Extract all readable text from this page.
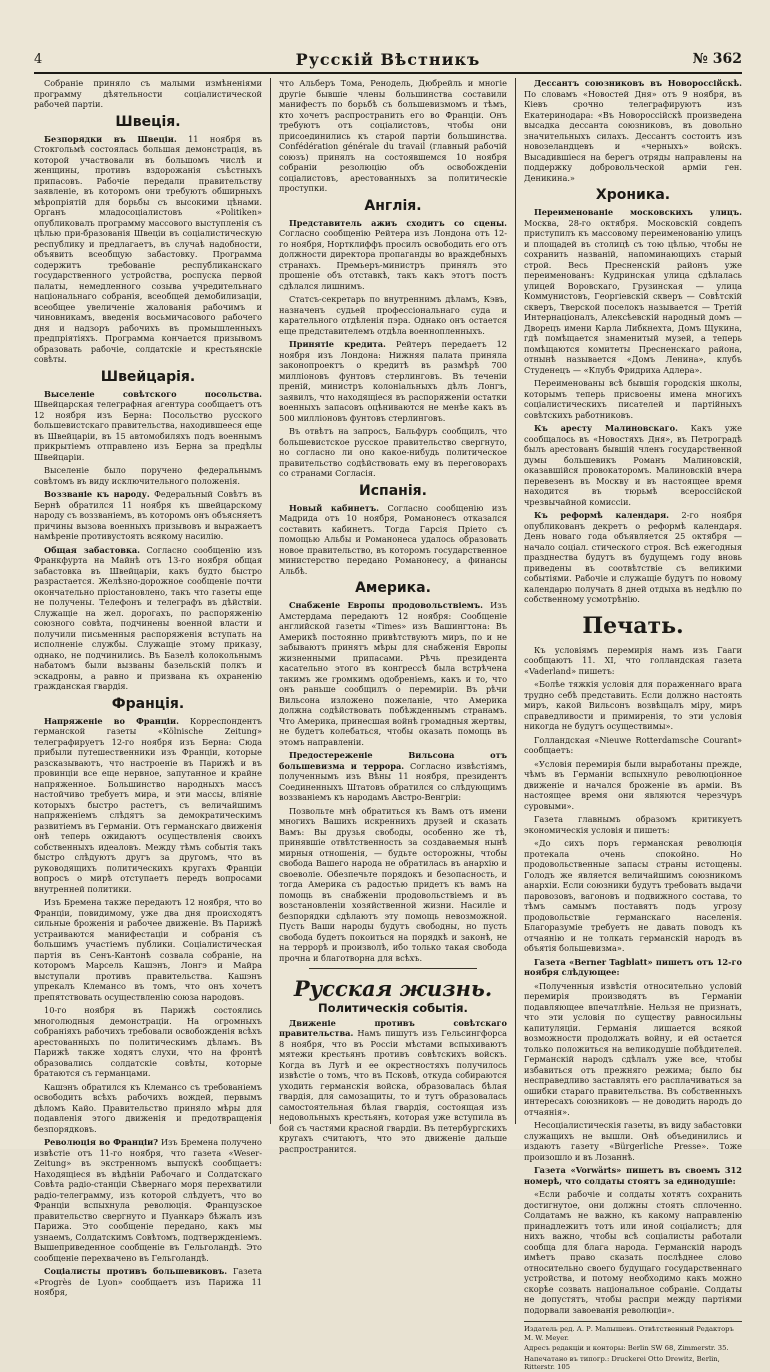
4	Русскій Вѣстникъ	№ 362

Собраніе приняло съ малыми измѣненіями программу дѣятельности соціалистической рабочей партіи.

Швеція.

Безпорядки въ Швеціи. 11 ноября въ Стокгольмѣ состоялась большая демонстрація, въ которой участвовали въ большомъ числѣ и женщины, противъ вздорожанія съѣстныхъ припасовъ. Рабочіе передали правительству заявленіе, въ которомъ они требуютъ обширныхъ мѣропріятій для борьбы съ высокими цѣнами. Органъ младосоціалистовъ «Politiken» опубликовалъ программу массового выступленія съ цѣлью при-бразованія Швеціи въ соціалистическую республику и предлагаетъ, въ случаѣ надобности, объявить всеобщую забастовку. Программа содержитъ требованіе республиканскаго государственного устройства, роспуска первой палаты, немедленного созыва учредительнаго національнаго собранія, всеобщей демобилизаціи, всеобщее увеличеніе жалованія рабочимъ и чиновникамъ, введенія восьмичасового рабочего дня и надзоръ рабочихъ въ промышленныхъ предпріятіяхъ. Программа кончается призывомъ образовать рабочіе, солдатскіе и крестьянскіе совѣты.

Швейцарія.

Выселеніе совѣтского посольства. Швейцарская телеграфная агентура сообщаетъ отъ 12 ноября изъ Берна: Посольство русского большевистскаго правительства, находившееся еще въ Швейцаріи, въ 15 автомобиляхъ подъ военнымъ прикрытіемъ отправлено изъ Берна за предѣлы Швейцаріи.

Выселеніе было поручено федеральнымъ совѣтомъ въ виду исключительного положенія.

Воззваніе къ народу. Федеральный Совѣтъ въ Бернѣ обратился 11 ноября къ швейцарскому народу съ воззваніемъ, въ которомъ онъ объясняетъ причины вызова военныхъ призывовъ и выражаетъ намѣреніе противустоять всякому насилію.

Общая забастовка. Согласно сообщенію изъ Франкфурта на Майнѣ отъ 13-го ноября общая забастовка въ Швейцаріи, какъ будто быстро разрастается. Желѣзно-дорожное сообщеніе почти окончательно пріостановлено, такъ что газеты еще не получены. Телефонъ и телеграфъ въ дѣйствіи. Служащіе на жел. дорогахъ, по распоряженію союзного совѣта, подчинены военной власти и получили письменныя распоряженія вступать на исполненіе службы. Служащіе этому приказу, однако, не подчинились. Въ Базелѣ колокольнымъ набатомъ были вызваны базельскій полкъ и эскадроны, а равно и призвана къ охраненію гражданская гвардія.

Франція.

Напряженіе во Франціи. Корреспондентъ германской газеты «Kölnische Zeitung» телеграфируетъ 12-го ноября изъ Берна: Сюда прибыли путешественники изъ Франціи, которые разсказываютъ, что настроеніе въ Парижѣ и въ провинціи все еще нервное, запутанное и крайне напряженное. Большинство народныхъ массъ настойчиво требуетъ мира, и эти массы, вліяніе которыхъ быстро растетъ, съ величайшимъ напряженіемъ слѣдятъ за демократическимъ развитіемъ въ Германіи. Отъ германскаго движенія онѣ теперь ожидаютъ осуществленія своихъ собственныхъ идеаловъ. Между тѣмъ событія такъ быстро слѣдуютъ другъ за другомъ, что въ руководящихъ политическихъ кругахъ Франціи вопросъ о мирѣ отступаетъ передъ вопросами внутренней политики.

Изъ Бремена также передаютъ 12 ноября, что во Франціи, повидимому, уже два дня происходятъ сильные броженія и рабочее движеніе. Въ Парижѣ устраиваются манифестаціи и собранія съ большимъ участіемъ публики. Соціалистическая партія въ Сенъ-Кантонѣ созвала собраніе, на которомъ Марсель Кашэнъ, Лонгэ и Майра выступали противъ правительства. Кашэнъ упрекалъ Клемансо въ томъ, что онъ хочетъ препятствовать осуществленію союза народовъ.

10-го ноября въ Парижѣ состоялись многолюдныя демонстраціи. На огромныхъ собраніяхъ рабочихъ требовали освобожденія всѣхъ арестованныхъ по политическимъ дѣламъ. Въ Парижѣ также ходятъ слухи, что на фронтѣ образовались солдатскіе совѣты, которые братаются съ германцами.

Кашэнъ обратился къ Клемансо съ требованіемъ освободить всѣхъ рабочихъ вождей, первымъ дѣломъ Кайо. Правительство приняло мѣры для подавленія этого движенія и предотвращенія безпорядковъ.

Революція во Франціи? Изъ Бремена получено извѣстіе отъ 11-го ноября, что газета «Weser-Zeitung» въ экстренномъ выпускѣ сообщаетъ: Находящіеся въ вѣдѣніи Рабочаго и Солдатскаго Совѣта радіо-станціи Сѣвернаго моря перехватили радіо-телеграмму, изъ которой слѣдуетъ, что во Франціи вспыхнула революція. Французское правительство свергнуто и Пуанкарэ бѣжалъ изъ Парижа. Это сообщеніе передано, какъ мы узнаемъ, Солдатскимъ Совѣтомъ, подтвержденіемъ. Вышеприведенное сообщеніе въ Гельголандѣ. Это сообщеніе перехвачено въ Гельголандѣ.

Соціалисты противъ большевиковъ. Газета «Progrès de Lyon» сообщаетъ изъ Парижа 11 ноября,

что Альберъ Тома, Ренодель, Дюбрейль и многіе другіе бывшіе члены большинства составили манифестъ по борьбѣ съ большевизмомъ и тѣмъ, кто хочетъ распространить его во Франціи. Онъ требуютъ отъ соціалистовъ, чтобы они присоединились къ старой партіи большинства. Confédération générale du travail (главный рабочій союзъ) принялъ на состоявшемся 10 ноября собраніи резолюцію объ освобожденіи соціалистовъ, арестованныхъ за политическіе проступки.

Англія.

Представитель ажиъ сходитъ со сцены. Согласно сообщенію Рейтера изъ Лондона отъ 12-го ноября, Нортклиффъ просилъ освободить его отъ должности директора пропаганды во враждебныхъ странахъ. Премьеръ-министръ принялъ это прошеніе объ отставкѣ, такъ какъ этотъ постъ сдѣлался лишнимъ.

Статсъ-секретарь по внутреннимъ дѣламъ, Кэвъ, назначенъ судьей профессіональнаго суда и карательного отдѣленія пэра. Однако онъ остается еще представителемъ отдѣла военнопленныхъ.

Принятіе кредита. Рейтеръ передаетъ 12 ноября изъ Лондона: Нижняя палата приняла законопроектъ о кредитѣ въ размѣрѣ 700 милліоновъ фунтовъ стерлинговъ. Въ теченіи преній, министръ колоніальныхъ дѣлъ Лонгъ, заявилъ, что находящіеся въ распоряженіи остатки военныхъ запасовъ оцѣниваются не менѣе какъ въ 500 милліоновъ фунтовъ стерлинговъ.

Въ отвѣтъ на запросъ, Бальфуръ сообщилъ, что большевистское русское правительство свергнуто, но согласно ли оно какое-нибудь политическое правительство содѣйствовать ему въ переговорахъ со странами Согласія.

Испанія.

Новый кабинетъ. Согласно сообщенію изъ Мадрида отъ 10 ноября, Романонесъ отказался составить кабинетъ. Тогда Гарсія Пріето съ помощью Альбы и Романонеса удалось образовать новое правительство, въ которомъ государственное министерство передано Романонесу, а финансы Альбѣ.

Америка.

Снабженіе Европы продовольствіемъ. Изъ Амстердама передаютъ 12 ноября: Сообщеніе английской газеты «Times» изъ Вашингтона: Въ Америкѣ постоянно привѣтствуютъ миръ, по и не забываютъ принятъ мѣры для снабженія Европы жизненными припасами. Рѣчь президента касательно этого въ конгрессѣ была встрѣчена такимъ же громкимъ одобреніемъ, какъ и то, что онъ раньше сообщилъ о перемиріи. Въ рѣчи Вильсона изложено пожеланіе, что Америка должна содѣйствовать побѣжденнымъ странамъ. Что Америка, принесшая войнѣ громадныя жертвы, не будетъ колебаться, чтобы оказать помощь въ этомъ направленіи.

Предостереженіе Вильсона отъ большевизма и террора. Согласно извѣстіямъ, полученнымъ изъ Вѣны 11 ноября, президентъ Соединенныхъ Штатовъ обратился со слѣдующимъ воззваніемъ къ народамъ Австро-Венгріи:

Позвольте мнѣ обратиться къ Вамъ отъ имени многихъ Вашихъ искреннихъ друзей и сказать Вамъ: Вы друзья свободы, особенно же тѣ, принявшіе отвѣтственность за создаваемыя нынѣ мирныя отношенія, — будьте осторожны, чтобы свобода Вашего народа не обратилась въ анархію и своеволіе. Обезпечьте порядокъ и безопасность, и тогда Америка съ радостью придетъ къ вамъ на помощь въ снабженіи продовольствіемъ и въ возстановленіи хозяйственной жизни. Насиліе и безпорядки сдѣлаютъ эту помощь невозможной. Пусть Ваши народы будутъ свободны, но пусть свобода будетъ покоиться на порядкѣ и законѣ, не на террорѣ и произволѣ, ибо только такая свобода прочна и благотворна для всѣхъ.

Русская жизнь.
Политическія событія.

Движеніе противъ совѣтскаго правительства. Намъ пишутъ изъ Гельсингфорса 8 ноября, что въ Россіи мѣстами вспыхиваютъ мятежи крестьянъ противъ совѣтскихъ войскъ. Когда въ Лугѣ и ее окрестностяхъ получилось извѣстіе о томъ, что въ Псковѣ, откуда собираются уходить германскія войска, образовалась бѣлая гвардія, для самозащиты, то и тутъ образовалась самостоятельная бѣлая гвардія, состоящая изъ недовольныхъ крестьянъ, которая уже вступила въ бой съ частями красной гвардіи. Въ петербургскихъ кругахъ считаютъ, что это движеніе дальше распространится.

Дессантъ союзниковъ въ Новороссійскѣ. По словамъ «Новостей Дня» отъ 9 ноября, въ Кіевъ срочно телеграфируютъ изъ Екатеринодара: «Въ Новороссійскѣ произведена высадка дессанта союзниковъ, въ довольно значительныхъ силахъ. Дессантъ состоитъ изъ новозеландцевъ и «черныхъ» войскъ. Высадившіеся на берегъ отряды направлены на поддержку добровольческой арміи ген. Деникина.»

Хроника.

Переименованіе московскихъ улицъ. Москва, 28-го октября. Московскій совдепъ приступилъ къ массовому переименованію улицъ и площадей въ столицѣ съ тою цѣлью, чтобы не сохранить названій, напоминающихъ старый строй. Весь Пресненскій районъ уже переименованъ: Кудринская улица сдѣлалась улицей Воровскаго, Грузинская — улица Коммунистовъ, Георгіевскій скверъ — Совѣтскій скверъ, Тверской поселокъ называется — Третій Интернаціоналъ, Алексѣевскій народный домъ — Дворецъ имени Карла Либкнехта, Домъ Щукина, гдѣ помѣщается знаменитый музей, а теперь помѣщаются комитеты Пресненскаго района, отнынѣ называется «Домъ Ленина», клубъ Студенецъ — «Клубъ Фридриха Адлера».

Переименованы всѣ бывшія городскія школы, которымъ теперь присвоены имена многихъ соціалистическихъ писателей и партійныхъ совѣтскихъ работниковъ.

Къ аресту Малиновскаго. Какъ уже сообщалось въ «Новостяхъ Дня», въ Петроградѣ былъ арестованъ бывшій членъ государственной думы большевикъ Романъ Малиновскій, оказавшійся провокаторомъ. Малиновскій вчера перевезенъ въ Москву и въ настоящее время находится въ тюрьмѣ всероссійской чрезвычайной комиссіи.

Къ реформѣ календаря. 2-го ноября опубликованъ декретъ о реформѣ календаря. День новаго года объявляется 25 октября — начало соціал. стического строя. Всѣ ежегодныя празднества будутъ въ будущемъ году вновь приведены въ соотвѣтствіе съ великими событіями. Рабочіе и служащіе будутъ по новому календарю получать 8 дней отдыха въ недѣлю по собственному усмотрѣнію.

Печать.

Къ условіямъ перемирія намъ изъ Гааги сообщаютъ 11. XI, что голландская газета «Vaderland» пишетъ:

«Болѣе тяжкія условія для пораженнаго врага трудно себѣ представить. Если должно настоять миръ, какой Вильсонъ возвѣщалъ міру, миръ справедливости и примиренія, то эти условія никогда не будутъ осуществимы».

Голландская «Nieuwe Rotterdamsche Courant» сообщаетъ:

«Условія перемирія были выработаны прежде, чѣмъ въ Германіи вспыхнуло революціонное движеніе и начался броженіе въ арміи. Въ настоящее время они являются черезчуръ суровыми».

Газета главнымъ образомъ критикуетъ экономическія условія и пишетъ:

«До сихъ поръ германская революція протекала очень спокойно. Но продовольственные запасы страны истощены. Голодъ же является величайшимъ союзникомъ анархіи. Если союзники будутъ требовать выдачи паровозовъ, вагоновъ и подвижного состава, то тѣмъ самымъ поставятъ подъ угрозу продовольствіе германскаго населенія. Благоразуміе требуетъ не давать поводъ къ отчаянію и не толкать германскій народъ въ объятія большевизма».

Газета «Berner Tagblatt» пишетъ отъ 12-го ноября слѣдующее:

«Полученныя извѣстія относительно условій перемирія производятъ въ Германіи подавляющее впечатлѣніе. Нельзя не признать, что эти условія по существу равносильны капитуляціи. Германія лишается всякой возможности продолжать войну, и ей остается только положиться на великодушіе побѣдителей. Германскій народъ сдѣлалъ уже все, чтобы избавиться отъ прежняго режима; было бы несправедливо заставлять его расплачиваться за ошибки стараго правительства. Въ собственныхъ интересахъ союзниковъ — не доводить народъ до отчаянія».

Несоціалистическія газеты, въ виду забастовки служащихъ не вышли. Онѣ объединились и издаютъ газету «Bürgerliche Presse». Тоже произошло и въ Лозаннѣ.

Газета «Vorwärts» пишетъ въ своемъ 312 номерѣ, что солдаты стоятъ за единодушіе:

«Если рабочіе и солдаты хотятъ сохранить достигнутое, они должны стоять сплоченно. Солдатамъ не важно, къ какому направленію принадлежитъ тотъ или иной соціалистъ; для нихъ важно, чтобы всѣ соціалисты работали сообща для блага народа. Германскій народъ имѣетъ право сказать послѣднее слово относительно своего будущаго государственнаго устройства, и потому необходимо какъ можно скорѣе созвать національное собраніе. Солдаты не допустятъ, чтобы распри между партіями подорвали завоеванія революціи».

Издатель ред. А. Р. Малышевъ. Отвѣтственный Редакторъ М. W. Meyer.
Адресъ редакціи и конторы: Berlin SW 68, Zimmerstr. 35.
Напечатано въ типогр.: Druckerei Otto Drewitz, Berlin, Ritterstr. 105
